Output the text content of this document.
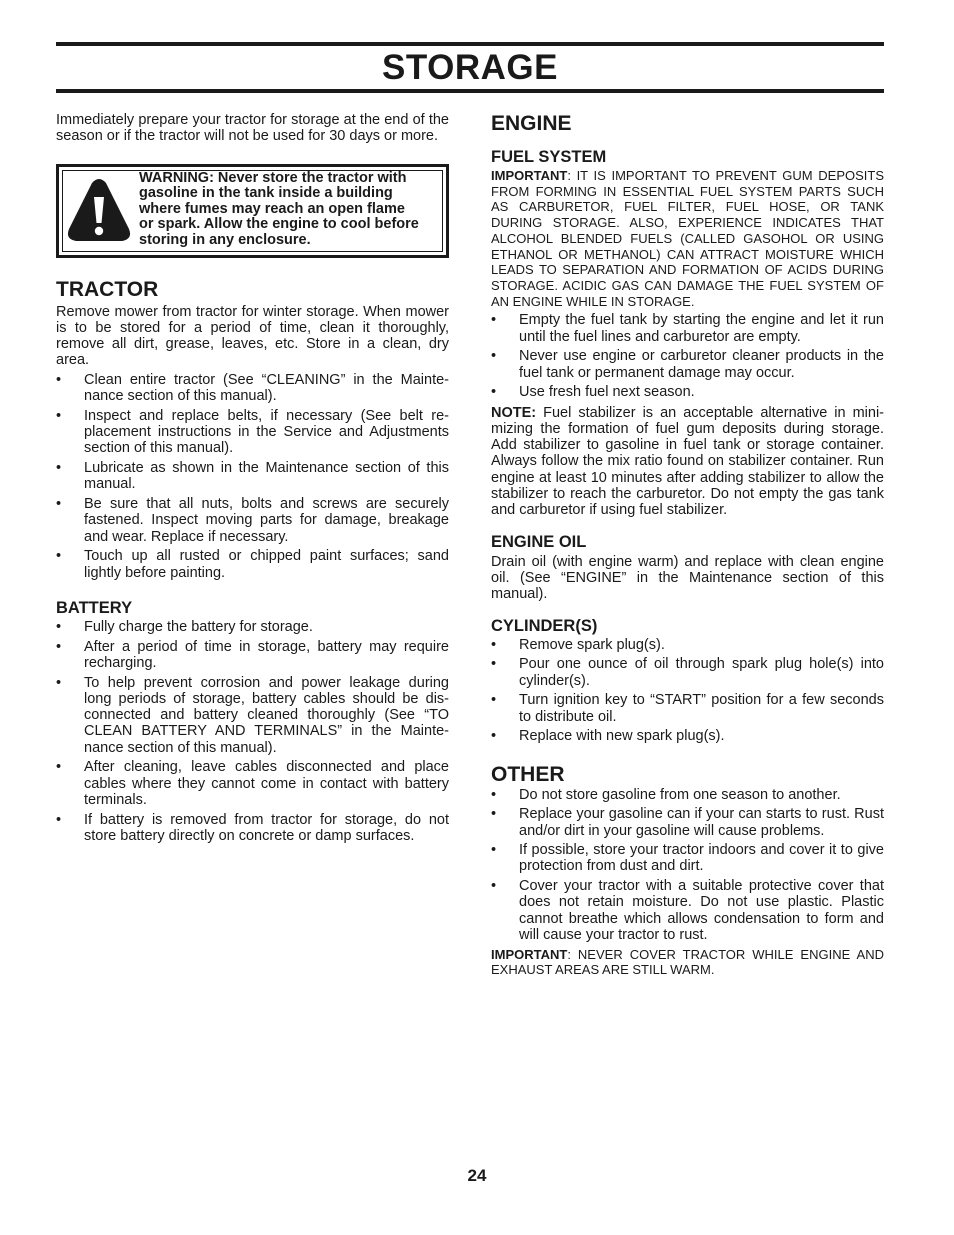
STORAGE

Immediately prepare your tractor for storage at the end of the season or if the tractor will not be used for 30 days or more.

WARNING: Never store the tractor with gasoline in the tank inside a building where fumes may reach an open flame or spark. Allow the engine to cool before storing in any enclosure.
TRACTOR

Remove mower from tractor for winter storage. When mower is to be stored for a period of time, clean it thoroughly, remove all dirt, grease, leaves, etc. Store in a clean, dry area.

• Clean entire tractor (See “CLEANING” in the Mainte-nance section of this manual).
• Inspect and replace belts, if necessary (See belt re-placement instructions in the Service and Adjustments section of this manual).
• Lubricate as shown in the Maintenance section of this manual.
• Be sure that all nuts, bolts and screws are securely fastened. Inspect moving parts for damage, breakage and wear. Replace if necessary.
• Touch up all rusted or chipped paint surfaces; sand lightly before painting.
BATTERY
• Fully charge the battery for storage.
• After a period of time in storage, battery may require recharging.
• To help prevent corrosion and power leakage during long periods of storage, battery cables should be dis-connected and battery cleaned thoroughly (See “TO CLEAN BATTERY AND TERMINALS” in the Mainte-nance section of this manual).
• After cleaning, leave cables disconnected and place cables where they cannot come in contact with battery terminals.
• If battery is removed from tractor for storage, do not store battery directly on concrete or damp surfaces.
ENGINE
FUEL SYSTEM

IMPORTANT: IT IS IMPORTANT TO PREVENT GUM DEPOSITS FROM FORMING IN ESSENTIAL FUEL SYSTEM PARTS SUCH AS CARBURETOR, FUEL FILTER, FUEL HOSE, OR TANK DURING STORAGE. ALSO, EXPERIENCE INDICATES THAT ALCOHOL BLENDED FUELS (CALLED GASOHOL OR USING ETHANOL OR METHANOL) CAN ATTRACT MOISTURE WHICH LEADS TO SEPARATION AND FORMATION OF ACIDS DURING STORAGE. ACIDIC GAS CAN DAMAGE THE FUEL SYSTEM OF AN ENGINE WHILE IN STORAGE.

• Empty the fuel tank by starting the engine and let it run until the fuel lines and carburetor are empty.
• Never use engine or carburetor cleaner products in the fuel tank or permanent damage may occur.
• Use fresh fuel next season.

NOTE: Fuel stabilizer is an acceptable alternative in mini-mizing the formation of fuel gum deposits during storage. Add stabilizer to gasoline in fuel tank or storage container. Always follow the mix ratio found on stabilizer container. Run engine at least 10 minutes after adding stabilizer to allow the stabilizer to reach the carburetor. Do not empty the gas tank and carburetor if using fuel stabilizer.

ENGINE OIL

Drain oil (with engine warm) and replace with clean engine oil. (See “ENGINE” in the Maintenance section of this manual).

CYLINDER(S)
• Remove spark plug(s).
• Pour one ounce of oil through spark plug hole(s) into cylinder(s).
• Turn ignition key to “START” position for a few seconds to distribute oil.
• Replace with new spark plug(s).
OTHER
• Do not store gasoline from one season to another.
• Replace your gasoline can if your can starts to rust. Rust and/or dirt in your gasoline will cause problems.
• If possible, store your tractor indoors and cover it to give protection from dust and dirt.
• Cover your tractor with a suitable protective cover that does not retain moisture. Do not use plastic. Plastic cannot breathe which allows condensation to form and will cause your tractor to rust.

IMPORTANT: NEVER COVER TRACTOR WHILE ENGINE AND EXHAUST AREAS ARE STILL WARM.

24
